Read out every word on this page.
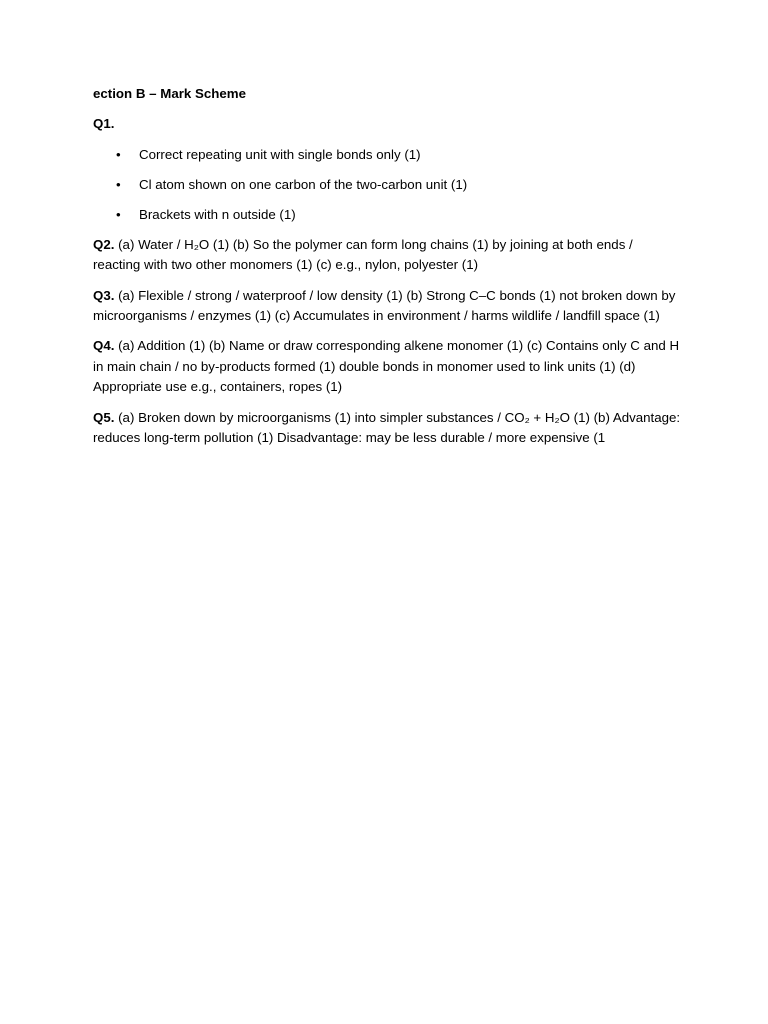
ection B – Mark Scheme
Q1.
• Correct repeating unit with single bonds only (1)
• Cl atom shown on one carbon of the two-carbon unit (1)
• Brackets with n outside (1)

Q2. (a) Water / H₂O (1) (b) So the polymer can form long chains (1) by joining at both ends / reacting with two other monomers (1) (c) e.g., nylon, polyester (1)

Q3. (a) Flexible / strong / waterproof / low density (1) (b) Strong C–C bonds (1) not broken down by microorganisms / enzymes (1) (c) Accumulates in environment / harms wildlife / landfill space (1)

Q4. (a) Addition (1) (b) Name or draw corresponding alkene monomer (1) (c) Contains only C and H in main chain / no by-products formed (1) double bonds in monomer used to link units (1) (d) Appropriate use e.g., containers, ropes (1)

Q5. (a) Broken down by microorganisms (1) into simpler substances / CO₂ + H₂O (1) (b) Advantage: reduces long-term pollution (1) Disadvantage: may be less durable / more expensive (1
